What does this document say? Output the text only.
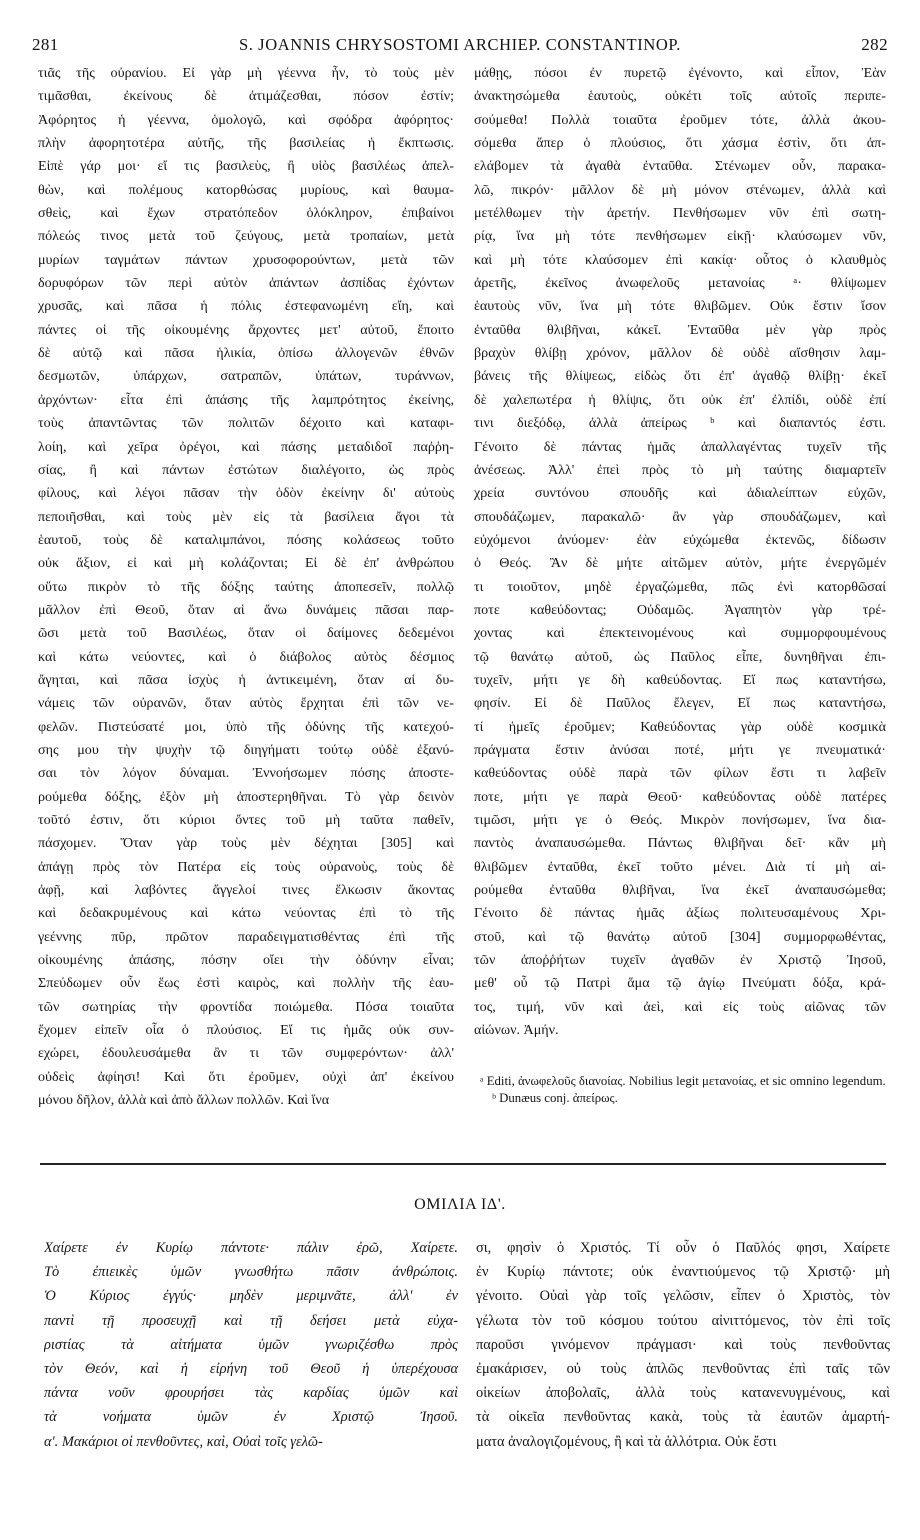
281	S. JOANNIS CHRYSOSTOMI ARCHIEP. CONSTANTINOP.	282
τιᾶς τῆς οὐρανίου. Εἰ γὰρ μὴ γέεννα ἦν, τὸ τοὺς μὲν
τιμᾶσθαι, ἐκείνους δὲ ἀτιμάζεσθαι, πόσον ἐστίν;
Ἀφόρητος ἡ γέεννα, ὁμολογῶ, καὶ σφόδρα ἀφόρητος·
πλὴν ἀφορητοτέρα αὐτῆς, τῆς βασιλείας ἡ ἔκπτωσις.
Εἰπὲ γάρ μοι· εἴ τις βασιλεὺς, ἢ υἱὸς βασιλέως ἀπελ-
θὼν, καὶ πολέμους κατορθώσας μυρίους, καὶ θαυμα-
σθεὶς, καὶ ἔχων στρατόπεδον ὁλόκληρον, ἐπιβαίνοι
πόλεώς τινος μετὰ τοῦ ζεύγους, μετὰ τροπαίων, μετὰ
μυρίων ταγμάτων πάντων χρυσοφορούντων, μετὰ τῶν
δορυφόρων τῶν περὶ αὐτὸν ἁπάντων ἀσπίδας ἐχόντων
χρυσᾶς, καὶ πᾶσα ἡ πόλις ἐστεφανωμένη εἴη, καὶ
πάντες οἱ τῆς οἰκουμένης ἄρχοντες μετ' αὐτοῦ, ἕποιτο
δὲ αὐτῷ καὶ πᾶσα ἡλικία, ὀπίσω ἀλλογενῶν ἐθνῶν
δεσμωτῶν, ὑπάρχων, σατραπῶν, ὑπάτων, τυράννων,
ἀρχόντων· εἶτα ἐπὶ ἁπάσης τῆς λαμπρότητος ἐκείνης,
τοὺς ἀπαντῶντας τῶν πολιτῶν δέχοιτο καὶ καταφι-
λοίη, καὶ χεῖρα ὀρέγοι, καὶ πάσης μεταδιδοῖ παῤῥη-
σίας, ἢ καὶ πάντων ἐστώτων διαλέγοιτο, ὡς πρὸς
φίλους, καὶ λέγοι πᾶσαν τὴν ὁδὸν ἐκείνην δι' αὐτοὺς
πεποιῆσθαι, καὶ τοὺς μὲν εἰς τὰ βασίλεια ἄγοι τὰ
ἑαυτοῦ, τοὺς δὲ καταλιμπάνοι, πόσης κολάσεως τοῦτο
οὐκ ἄξιον, εἰ καὶ μὴ κολάζονται; Εἰ δὲ ἐπ' ἀνθρώπου
οὕτω πικρὸν τὸ τῆς δόξης ταύτης ἀποπεσεῖν, πολλῷ
μᾶλλον ἐπὶ Θεοῦ, ὅταν αἱ ἄνω δυνάμεις πᾶσαι παρ-
ῶσι μετὰ τοῦ Βασιλέως, ὅταν οἱ δαίμονες δεδεμένοι
καὶ κάτω νεύοντες, καὶ ὁ διάβολος αὐτὸς δέσμιος
ἄγηται, καὶ πᾶσα ἰσχὺς ἡ ἀντικειμένη, ὅταν αἱ δυ-
νάμεις τῶν οὐρανῶν, ὅταν αὐτὸς ἔρχηται ἐπὶ τῶν νε-
φελῶν. Πιστεύσατέ μοι, ὑπὸ τῆς ὀδύνης τῆς κατεχού-
σης μου τὴν ψυχὴν τῷ διηγήματι τούτῳ οὐδὲ ἐξανύ-
σαι τὸν λόγον δύναμαι. Ἐννοήσωμεν πόσης ἀποστε-
ρούμεθα δόξης, ἐξὸν μὴ ἀποστερηθῆναι. Τὸ γὰρ δεινὸν
τοῦτό ἐστιν, ὅτι κύριοι ὄντες τοῦ μὴ ταῦτα παθεῖν,
πάσχομεν. Ὅταν γὰρ τοὺς μὲν δέχηται [305] καὶ
ἀπάγῃ πρὸς τὸν Πατέρα εἰς τοὺς οὐρανοὺς, τοὺς δὲ
ἀφῇ, καὶ λαβόντες ἄγγελοί τινες ἕλκωσιν ἄκοντας
καὶ δεδακρυμένους καὶ κάτω νεύοντας ἐπὶ τὸ τῆς
γεέννης πῦρ, πρῶτον παραδειγματισθέντας ἐπὶ τῆς
οἰκουμένης ἁπάσης, πόσην οἴει τὴν ὀδύνην εἶναι;
Σπεύδωμεν οὖν ἕως ἐστὶ καιρὸς, καὶ πολλὴν τῆς ἑαυ-
τῶν σωτηρίας τὴν φροντίδα ποιώμεθα. Πόσα τοιαῦτα
ἔχομεν εἰπεῖν οἷα ὁ πλούσιος. Εἴ τις ἡμᾶς οὐκ συν-
εχώρει, ἐδουλευσάμεθα ἂν τι τῶν συμφερόντων· ἀλλ'
οὐδεὶς ἀφίησι! Καὶ ὅτι ἐροῦμεν, οὐχὶ ἀπ' ἐκείνου
μόνου δῆλον, ἀλλὰ καὶ ἀπὸ ἄλλων πολλῶν. Καὶ ἵνα
μάθῃς, πόσοι ἐν πυρετῷ ἐγένοντο, καὶ εἶπον, Ἐὰν
ἀνακτησώμεθα ἑαυτοὺς, οὐκέτι τοῖς αὐτοῖς περιπε-
σούμεθα! Πολλὰ τοιαῦτα ἐροῦμεν τότε, ἀλλὰ ἀκου-
σόμεθα ἅπερ ὁ πλούσιος, ὅτι χάσμα ἐστὶν, ὅτι ἀπ-
ελάβομεν τὰ ἀγαθὰ ἐνταῦθα. Στένωμεν οὖν, παρακα-
λῶ, πικρόν· μᾶλλον δὲ μὴ μόνον στένωμεν, ἀλλὰ καὶ
μετέλθωμεν τὴν ἀρετήν. Πενθήσωμεν νῦν ἐπὶ σωτη-
ρίᾳ, ἵνα μὴ τότε πενθήσωμεν εἰκῇ· κλαύσωμεν νῦν,
καὶ μὴ τότε κλαύσομεν ἐπὶ κακίᾳ· οὗτος ὁ κλαυθμὸς
ἀρετῆς, ἐκεῖνος ἀνωφελοῦς μετανοίας ᵃ· θλίψωμεν
ἑαυτοὺς νῦν, ἵνα μὴ τότε θλιβῶμεν. Οὐκ ἔστιν ἴσον
ἐνταῦθα θλιβῆναι, κἀκεῖ. Ἐνταῦθα μὲν γὰρ πρὸς
βραχὺν θλίβῃ χρόνον, μᾶλλον δὲ οὐδὲ αἴσθησιν λαμ-
βάνεις τῆς θλίψεως, εἰδὼς ὅτι ἐπ' ἀγαθῷ θλίβῃ· ἐκεῖ
δὲ χαλεπωτέρα ἡ θλίψις, ὅτι οὐκ ἐπ' ἐλπίδι, οὐδὲ ἐπί
τινι διεξόδῳ, ἀλλὰ ἀπείρως ᵇ καὶ διαπαντός ἐστι.
Γένοιτο δὲ πάντας ἡμᾶς ἀπαλλαγέντας τυχεῖν τῆς
ἀνέσεως. Ἀλλ' ἐπεὶ πρὸς τὸ μὴ ταύτης διαμαρτεῖν
χρεία συντόνου σπουδῆς καὶ ἀδιαλείπτων εὐχῶν,
σπουδάζωμεν, παρακαλῶ· ἂν γὰρ σπουδάζωμεν, καὶ
εὐχόμενοι ἀνύομεν· ἐὰν εὐχώμεθα ἐκτενῶς, δίδωσιν
ὁ Θεός. Ἂν δὲ μήτε αἰτῶμεν αὐτὸν, μήτε ἐνεργῶμέν
τι τοιοῦτον, μηδὲ ἐργαζώμεθα, πῶς ἐνὶ κατορθῶσαί
ποτε καθεύδοντας; Οὐδαμῶς. Ἀγαπητὸν γὰρ τρέ-
χοντας καὶ ἐπεκτεινομένους καὶ συμμορφουμένους
τῷ θανάτῳ αὐτοῦ, ὡς Παῦλος εἶπε, δυνηθῆναι ἐπι-
τυχεῖν, μήτι γε δὴ καθεύδοντας. Εἴ πως καταντήσω,
φησίν. Εἰ δὲ Παῦλος ἔλεγεν, Εἴ πως καταντήσω,
τί ἡμεῖς ἐροῦμεν; Καθεύδοντας γὰρ οὐδὲ κοσμικὰ
πράγματα ἔστιν ἀνύσαι ποτέ, μήτι γε πνευματικά·
καθεύδοντας οὐδὲ παρὰ τῶν φίλων ἔστι τι λαβεῖν
ποτε, μήτι γε παρὰ Θεοῦ· καθεύδοντας οὐδὲ πατέρες
τιμῶσι, μήτι γε ὁ Θεός. Μικρὸν πονήσωμεν, ἵνα δια-
παντὸς ἀναπαυσώμεθα. Πάντως θλιβῆναι δεῖ· κἂν μὴ
θλιβῶμεν ἐνταῦθα, ἐκεῖ τοῦτο μένει. Διὰ τί μὴ αἱ-
ρούμεθα ἐνταῦθα θλιβῆναι, ἵνα ἐκεῖ ἀναπαυσώμεθα;
Γένοιτο δὲ πάντας ἡμᾶς ἀξίως πολιτευσαμένους Χρι-
στοῦ, καὶ τῷ θανάτῳ αὐτοῦ [304] συμμορφωθέντας,
τῶν ἀποῤῥήτων τυχεῖν ἀγαθῶν ἐν Χριστῷ Ἰησοῦ,
μεθ' οὗ τῷ Πατρὶ ἅμα τῷ ἁγίῳ Πνεύματι δόξα, κρά-
τος, τιμή, νῦν καὶ ἀεὶ, καὶ εἰς τοὺς αἰῶνας τῶν
αἰώνων. Ἀμήν.

ᵃ Editi, ἀνωφελοῦς διανοίας. Nobilius legit μετανοίας, et sic omnino legendum.

ᵇ Dunæus conj. ἀπείρως.

ΟΜΙΛΙΑ ΙΔ'.
Χαίρετε ἐν Κυρίῳ πάντοτε· πάλιν ἐρῶ, Χαίρετε.
Τὸ ἐπιεικὲς ὑμῶν γνωσθήτω πᾶσιν ἀνθρώποις.
Ὁ Κύριος ἐγγύς· μηδὲν μεριμνᾶτε, ἀλλ' ἐν
παντὶ τῇ προσευχῇ καὶ τῇ δεήσει μετὰ εὐχα-
ριστίας τὰ αἰτήματα ὑμῶν γνωριζέσθω πρὸς
τὸν Θεόν, καὶ ἡ εἰρήνη τοῦ Θεοῦ ἡ ὑπερέχουσα
πάντα νοῦν φρουρήσει τὰς καρδίας ὑμῶν καὶ
τὰ νοήματα ὑμῶν ἐν Χριστῷ Ἰησοῦ.
α'. Μακάριοι οἱ πενθοῦντες, καὶ, Οὐαὶ τοῖς γελῶ-
σι, φησὶν ὁ Χριστός. Τί οὖν ὁ Παῦλός φησι, Χαίρετε
ἐν Κυρίῳ πάντοτε; οὐκ ἐναντιούμενος τῷ Χριστῷ· μὴ
γένοιτο. Οὐαὶ γὰρ τοῖς γελῶσιν, εἶπεν ὁ Χριστὸς, τὸν
γέλωτα τὸν τοῦ κόσμου τούτου αἰνιττόμενος, τὸν ἐπὶ τοῖς
παροῦσι γινόμενον πράγμασι· καὶ τοὺς πενθοῦντας
ἐμακάρισεν, οὐ τοὺς ἁπλῶς πενθοῦντας ἐπὶ ταῖς τῶν
οἰκείων ἀποβολαῖς, ἀλλὰ τοὺς κατανενυγμένους, καὶ
τὰ οἰκεῖα πενθοῦντας κακὰ, τοὺς τὰ ἑαυτῶν ἁμαρτή-
ματα ἀναλογιζομένους, ἢ καὶ τὰ ἀλλότρια. Οὐκ ἔστι
